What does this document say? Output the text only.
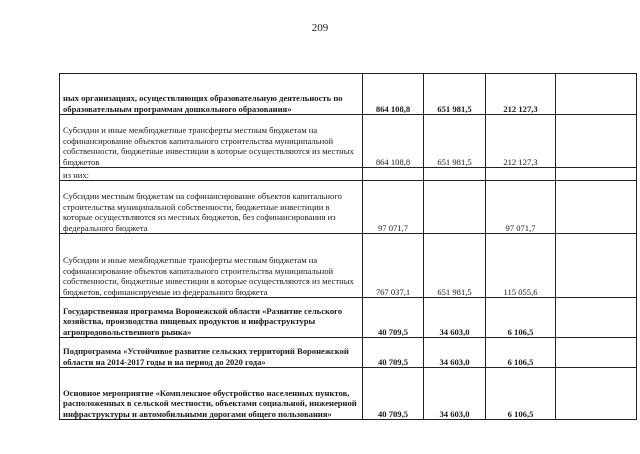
209
ных организациях, осуществляющих образовательную деятельность по образовательным программам дошкольного образования»	864 108,8	651 981,5	212 127,3	
Субсидии и иные межбюджетные трансферты местным бюджетам на софинансирование объектов капитального строительства муниципальной собственности, бюджетные инвестиции в которые осуществляются из местных бюджетов	864 108,8	651 981,5	212 127,3	
из них:				
Субсидии местным бюджетам на софинансирование объектов капитального строительства муниципальной собственности, бюджетные инвестиции в которые осуществляются из местных бюджетов, без софинансирования из федерального бюджета	97 071,7		97 071,7	
Субсидии и иные межбюджетные трансферты местным бюджетам на софинансирование объектов капитального строительства муниципальной собственности, бюджетные инвестиции в которые осуществляются из местных бюджетов, софинансируемые из федерального бюджета	767 037,1	651 981,5	115 055,6	
Государственная программа Воронежской области «Развитие сельского хозяйства, производства пищевых продуктов и инфраструктуры агропродовольственного рынка»	40 709,5	34 603,0	6 106,5	
Подпрограмма «Устойчивое развитие сельских территорий Воронежской области на 2014-2017 годы и на период до 2020 года»	40 709,5	34 603,0	6 106,5	
Основное мероприятие «Комплексное обустройство населенных пунктов, расположенных в сельской местности, объектами социальной, инженерной инфраструктуры и автомобильными дорогами общего пользования»	40 709,5	34 603,0	6 106,5	
